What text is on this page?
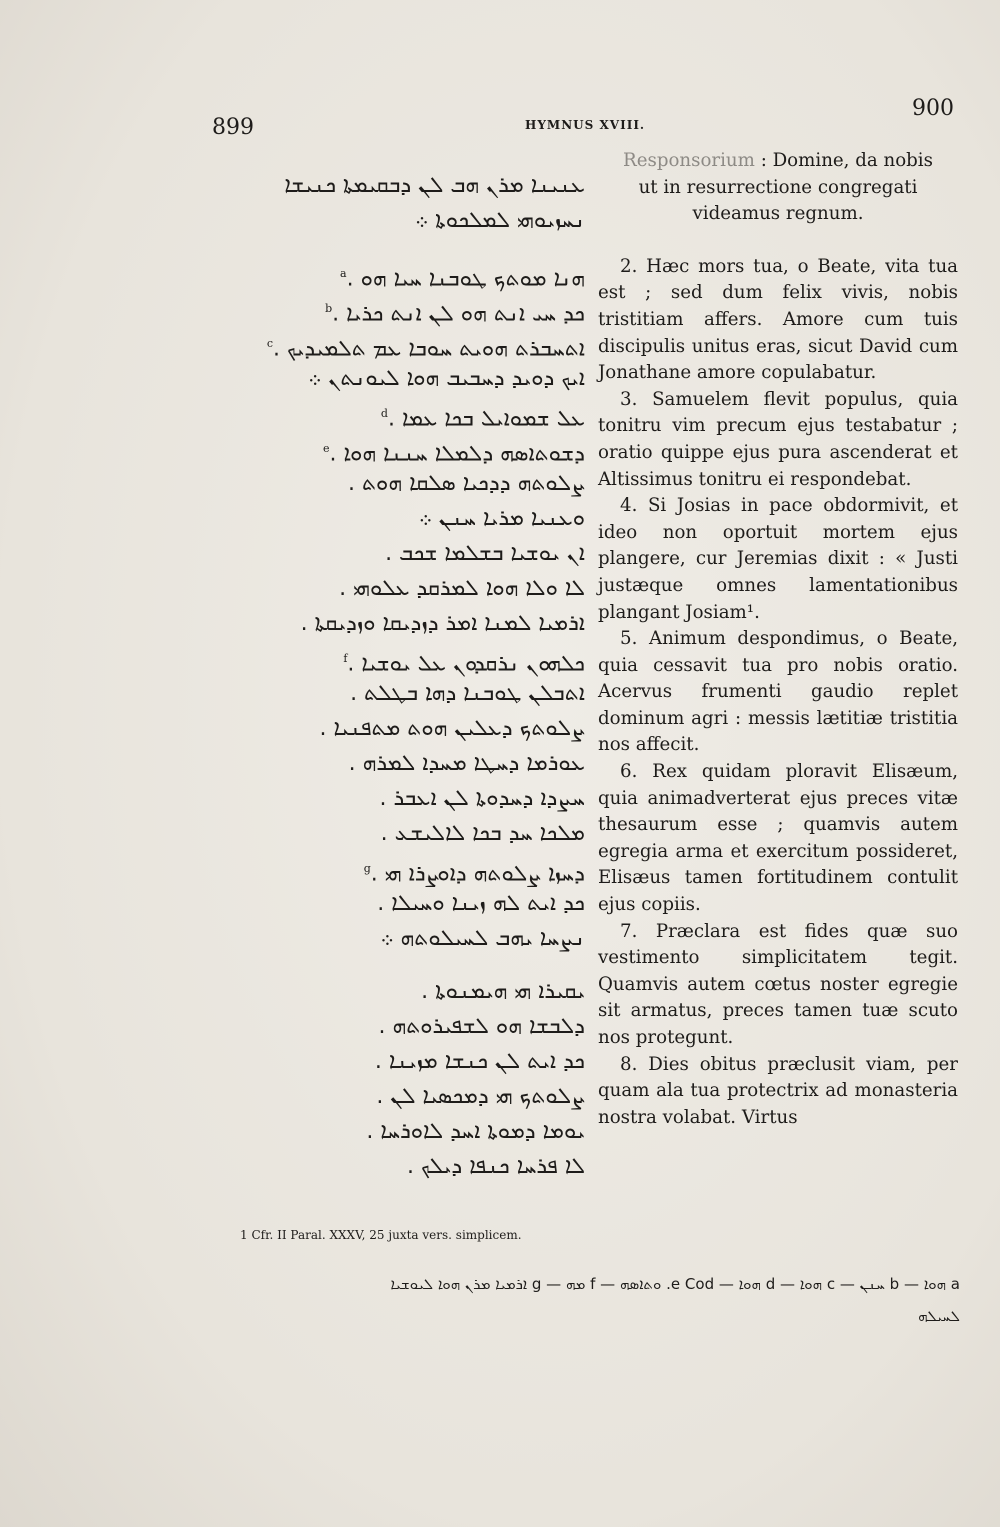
899	HYMNUS XVIII.
900
ܥܢܝܢܐ ܡܪܢ ܗܒ ܠܢ ܕܒܩܝܡܬܐ ܟܢܝܫܐ
ܢܚܙܝܘܗܝ ܠܡܠܟܘܬܐ ܀
ܗܢܐ ܡܘܬܟ ܛܘܒܢܐ ܚܝܐ ܗܘ .$^a$
ܟܕ ܚܝ ܐܢܬ ܗܘ ܠܢ ܐܢܬ ܟܪܝܐ .$^b$
ܐܬܚܒܪܬ ܗܘܝܬ ܚܘܒܐ ܥܡ ܬܠܡܝܕܝܟ .$^c$
ܐܝܟ ܕܘܝܕ ܕܚܒܝܒ ܗܘܐ ܠܝܘܢܬܢ ܀
ܥܠ ܫܡܘܐܝܠ ܒܟܐ ܥܡܐ .$^d$
ܕܫܘܬܐܣܗ ܕܠܡܠܐ ܚܢܢܐ ܗܘܐ .$^e$
ܨܠܘܬܗ ܕܕܟܝܐ ܣܠܩܐ ܗܘܬ .
ܘܥܢܝܐ ܡܪܝܐ ܚܢܢ ܀
ܐܢ ܝܘܫܝܐ ܒܫܠܡܐ ܫܟܒ .
ܠܐ ܘܠܐ ܗܘܐ ܠܡܪܩܕ ܥܠܘܗܝ .
ܐܪܡܝܐ ܠܡܢܐ ܐܡܪ ܕܙܕܝܩܐ ܘܙܕܝܩܬܐ .
ܟܠܗܘܢ ܢܪܩܕܘܢ ܥܠ ܝܘܫܝܐ .$^f$
ܐܬܒܠܢ ܛܘܒܢܐ ܕܗܐ ܒܛܠܬ .
ܨܠܘܬܟ ܕܥܠܝܢ ܗܘܬ ܡܬܦܢܝܐ .
ܥܘܪܡܐ ܕܚܛܐ ܡܚܕܐ ܠܡܪܗ .
ܚܨܕܐ ܕܚܕܘܬܐ ܠܢ ܐܥܒܪ .
ܡܠܟܐ ܚܕ ܒܟܐ ܠܐܠܝܫܥ .
ܕܚܙܐ ܨܠܘܬܗ ܕܐܘܨܪܐ ܗܝ .$^g$
ܟܕ ܐܝܬ ܠܗ ܙܝܢܐ ܘܚܝܠܐ .
ܢܨܚܐ ܝܗܒ ܠܚܝܠܘܬܗ ܀
ܝܩܝܪܐ ܗܝ ܗܝܡܢܘܬܐ .
ܕܠܒܫܐ ܗܘ ܠܫܦܝܪܘܬܗ .
ܟܕ ܐܝܬ ܠܢ ܟܢܫܐ ܡܙܝܢܐ .
ܨܠܘܬܟ ܗܝ ܕܡܟܣܝܐ ܠܢ .
ܝܘܡܐ ܕܡܘܬܐ ܐܚܕ ܠܐܘܪܚܐ .
ܠܐ ܦܪܚܐ ܟܢܦܐ ܕܝܠܟ .

Responsorium : Domine, da nobis
ut in resurrectione congregati
videamus regnum.

2. Hæc mors tua, o Beate, vita tua est ; sed dum felix vivis, nobis tristitiam affers. Amore cum tuis discipulis unitus eras, sicut David cum Jonathane amore copulabatur.

3. Samuelem flevit populus, quia tonitru vim precum ejus testabatur ; oratio quippe ejus pura ascenderat et Altissimus tonitru ei respondebat.

4. Si Josias in pace obdormivit, et ideo non oportuit mortem ejus plangere, cur Jeremias dixit : « Justi justæque omnes lamentationibus plangant Josiam¹.

5. Animum despondimus, o Beate, quia cessavit tua pro nobis oratio. Acervus frumenti gaudio replet dominum agri : messis lætitiæ tristitia nos affecit.

6. Rex quidam ploravit Elisæum, quia animadverterat ejus preces vitæ thesaurum esse ; quamvis autem egregia arma et exercitum possideret, Elisæus tamen fortitudinem contulit ejus copiis.

7. Præclara est fides quæ suo vestimento simplicitatem tegit. Quamvis autem cœtus noster egregie sit armatus, preces tamen tuæ scuto nos protegunt.

8. Dies obitus præclusit viam, per quam ala tua protectrix ad monasteria nostra volabat. Virtus

1 Cfr. II Paral. XXXV, 25 juxta vers. simplicem.
a ܗܘܐ — b ܚܢܢ — c ܗܘܐ — d ܗܘܐ — e Cod. ܘܬܐܣܗ — f ܡܗ — g ܐܪܡܝܐ ܡܪܢ ܗܘܐ ܠܝܘܫܝܐ
ܠܚܝܠܗ
